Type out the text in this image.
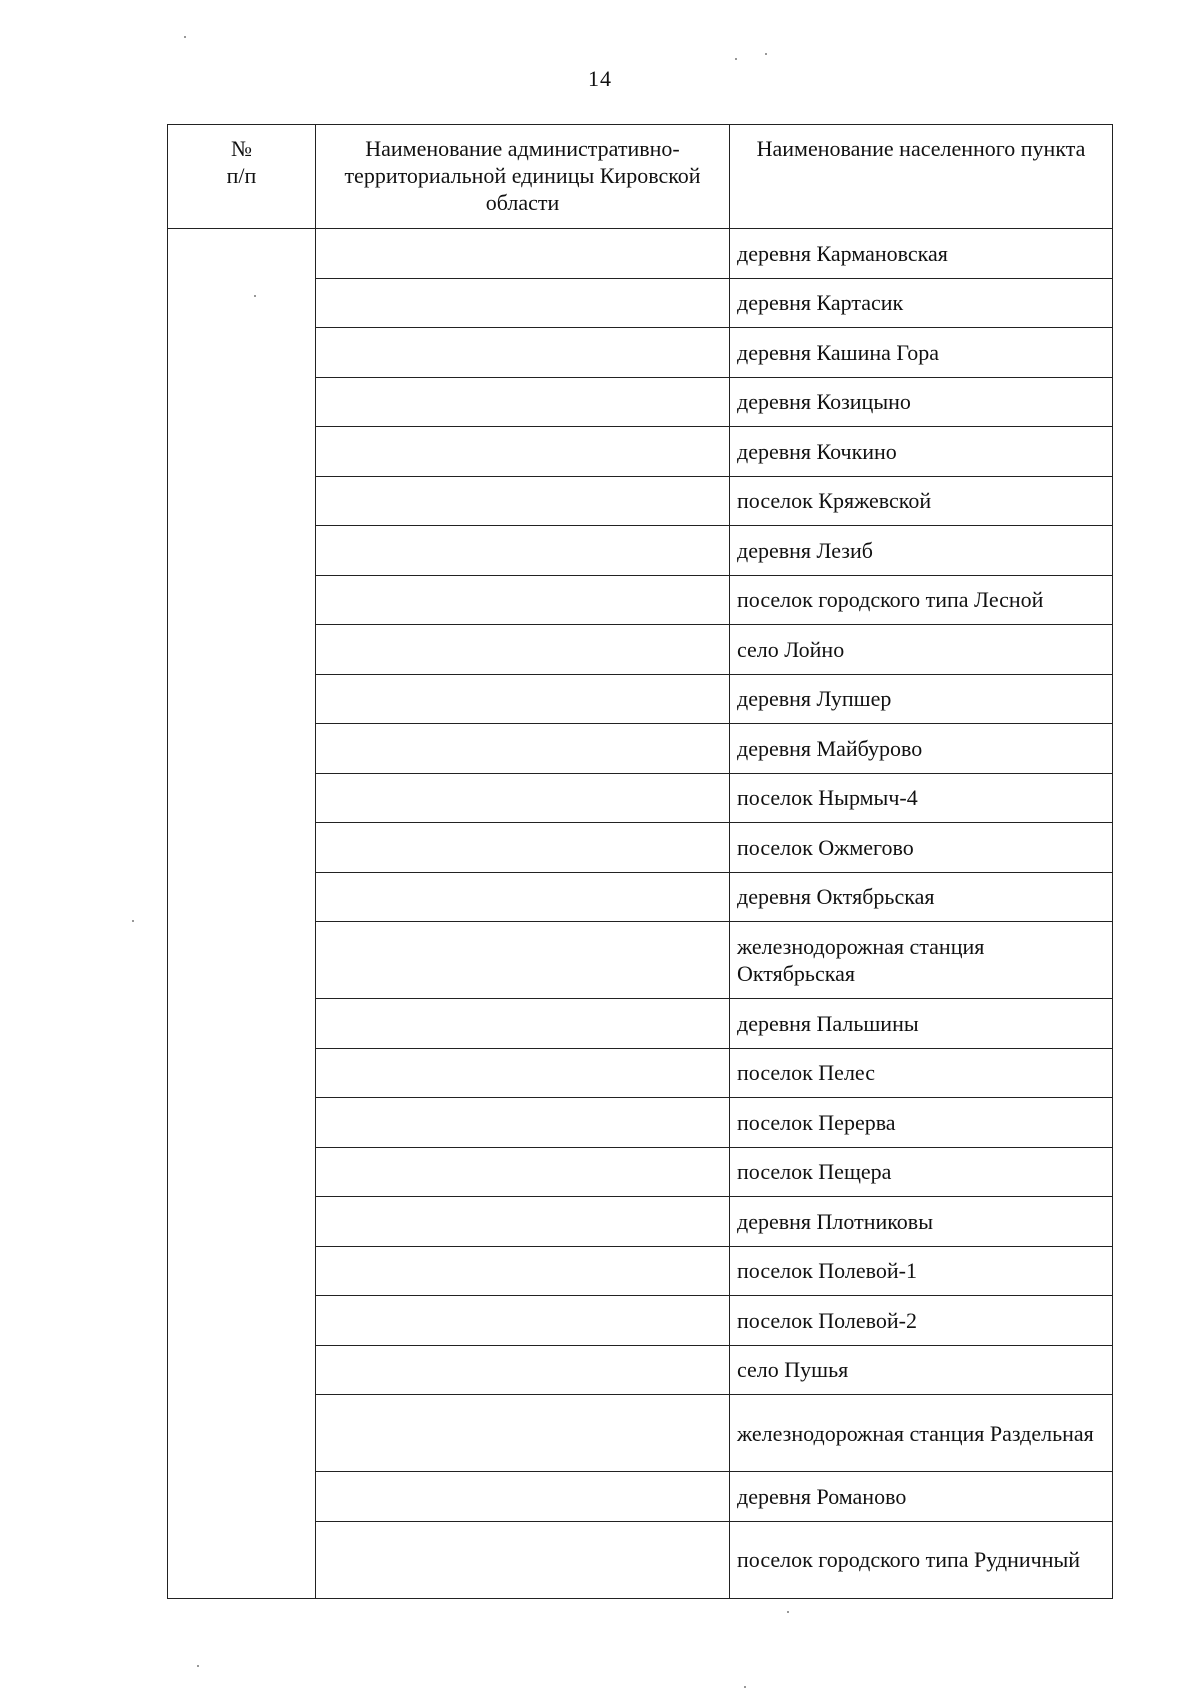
14
№
п/п	Наименование административно-территориальной единицы Кировской области	Наименование населенного пункта
		деревня Кармановская
		деревня Картасик
		деревня Кашина Гора
		деревня Козицыно
		деревня Кочкино
		поселок Кряжевской
		деревня Лезиб
		поселок городского типа Лесной
		село Лойно
		деревня Лупшер
		деревня Майбурово
		поселок Нырмыч-4
		поселок Ожмегово
		деревня Октябрьская
		железнодорожная станция Октябрьская
		деревня Пальшины
		поселок Пелес
		поселок Перерва
		поселок Пещера
		деревня Плотниковы
		поселок Полевой-1
		поселок Полевой-2
		село Пушья
		железнодорожная станция Раздельная
		деревня Романово
		поселок городского типа Рудничный
